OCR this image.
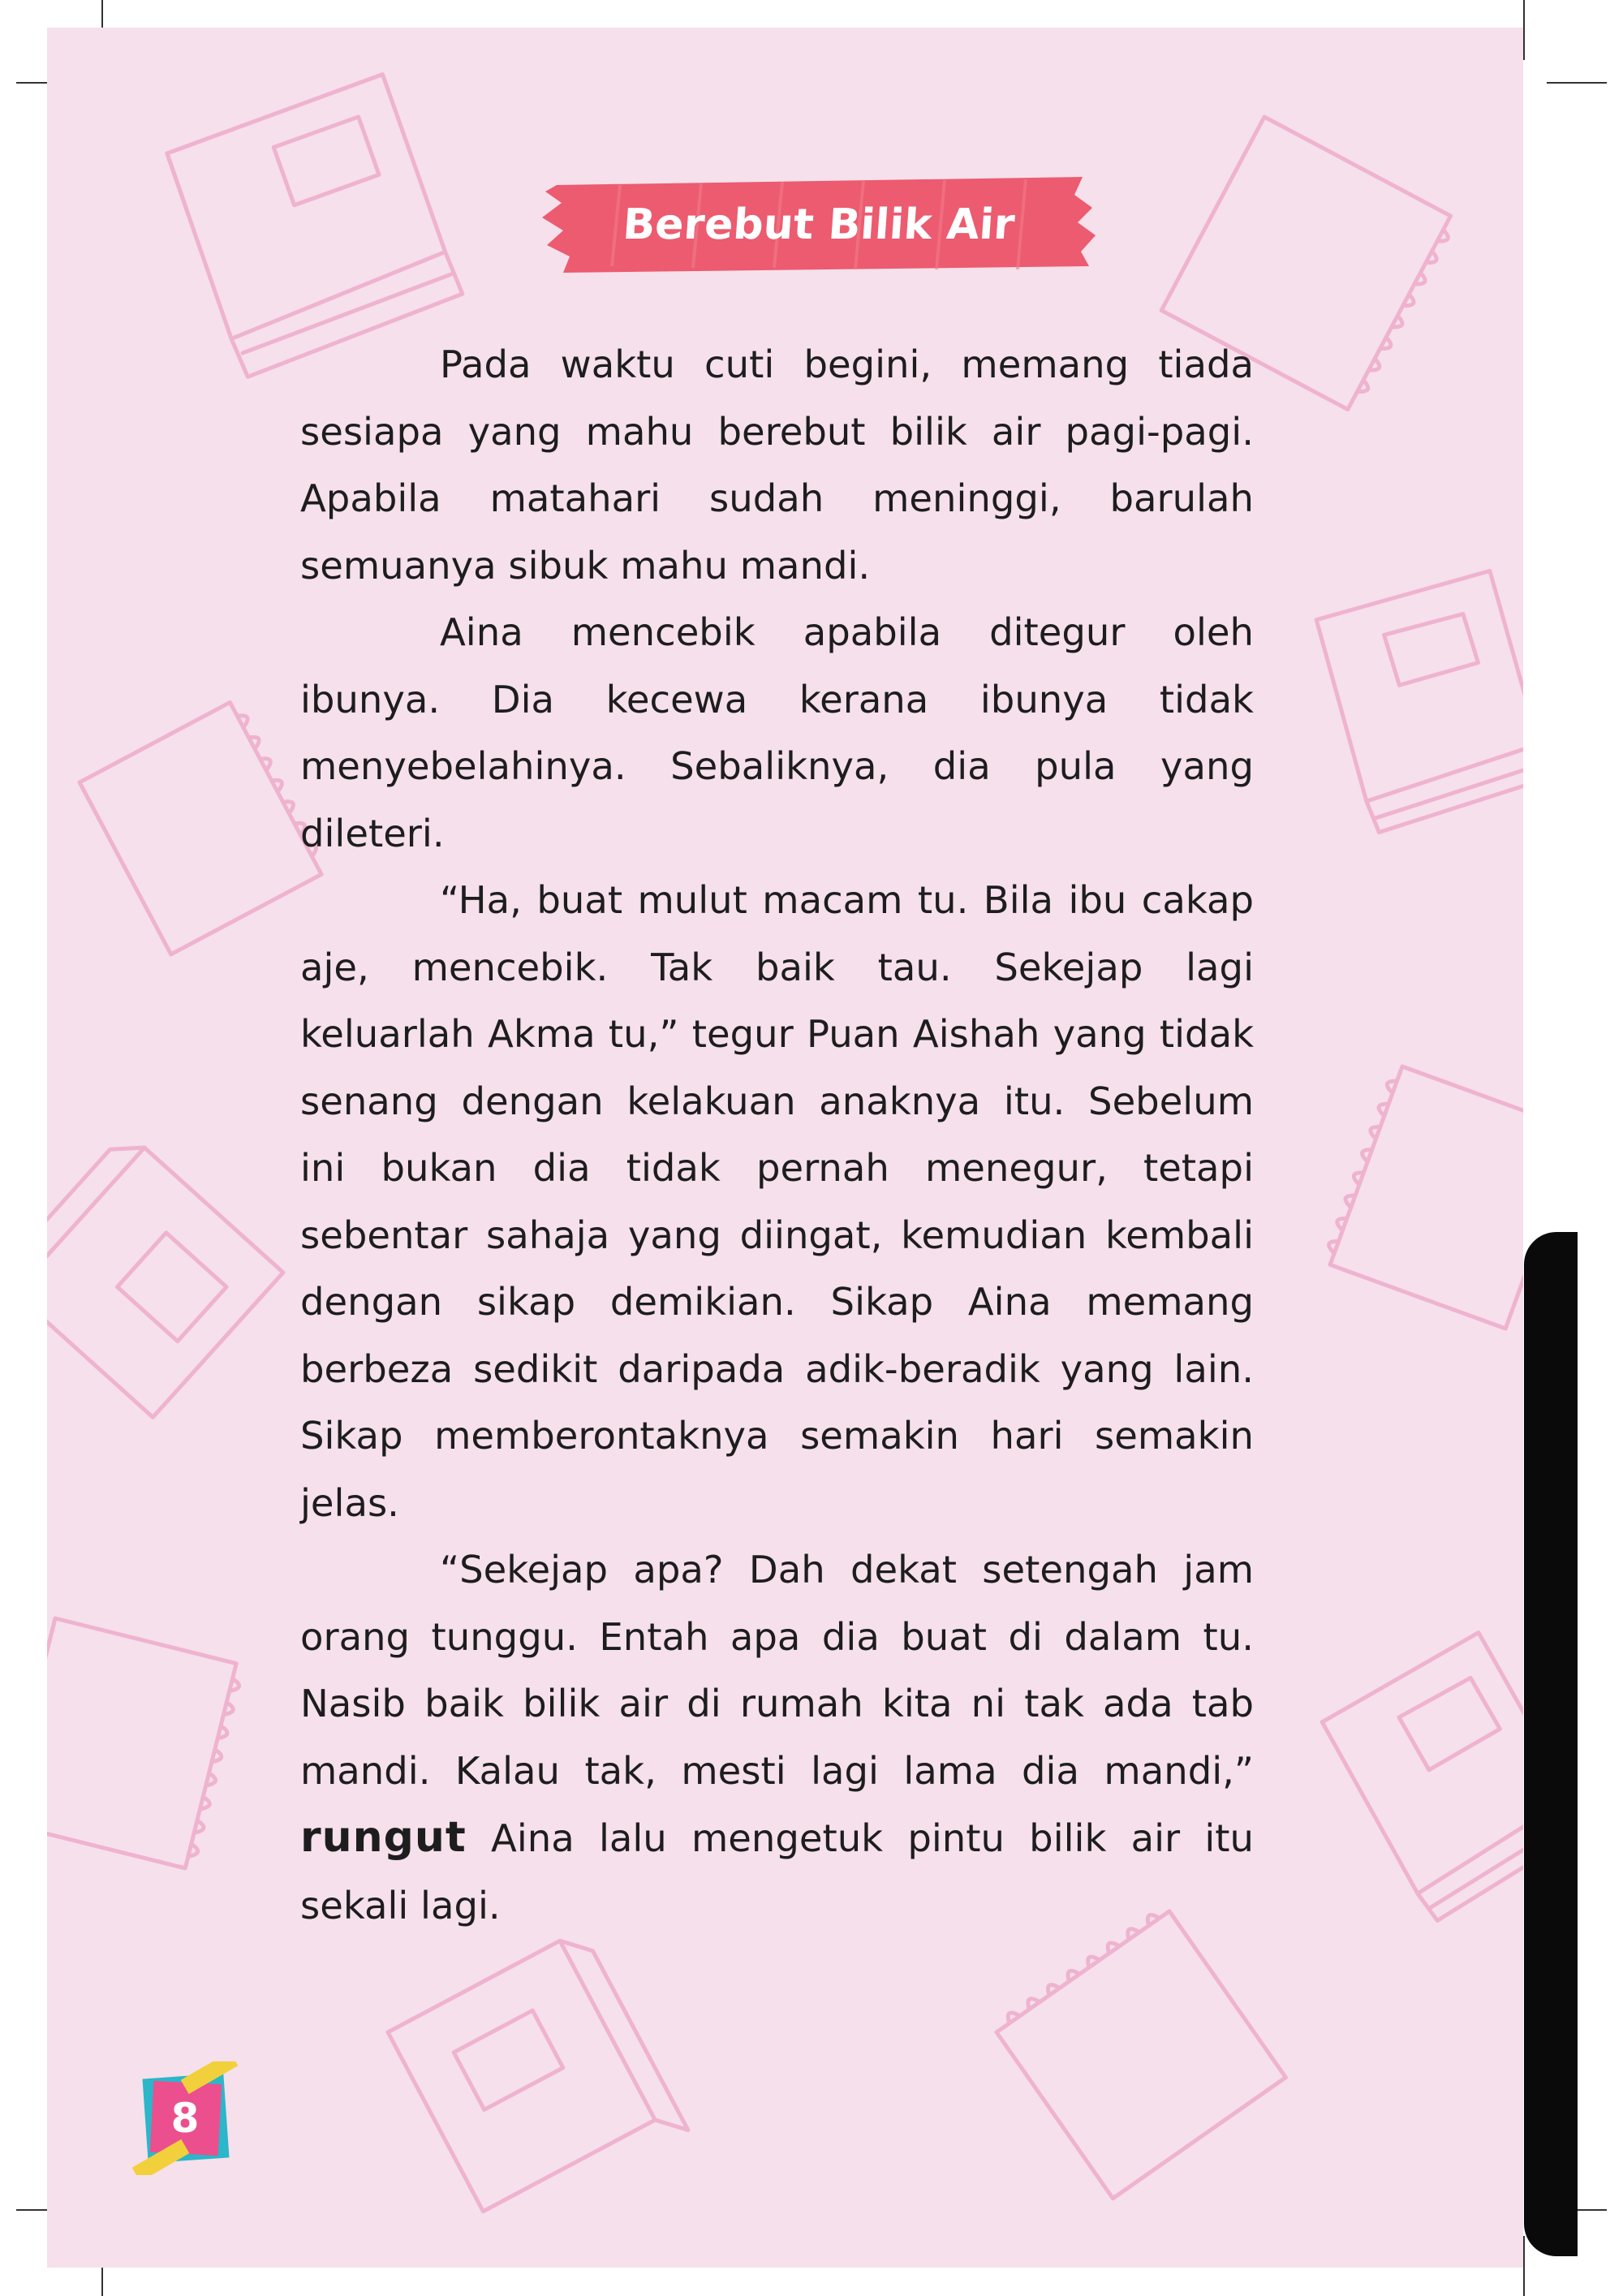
Berebut Bilik Air

Pada waktu cuti begini, memang tiada sesiapa yang mahu berebut bilik air pagi-pagi. Apabila matahari sudah meninggi, barulah semuanya sibuk mahu mandi.

Aina mencebik apabila ditegur oleh ibunya. Dia kecewa kerana ibunya tidak menyebelahinya. Sebaliknya, dia pula yang dileteri.

“Ha, buat mulut macam tu. Bila ibu cakap aje, mencebik. Tak baik tau. Sekejap lagi keluarlah Akma tu,” tegur Puan Aishah yang tidak senang dengan kelakuan anaknya itu. Sebelum ini bukan dia tidak pernah menegur, tetapi sebentar sahaja yang diingat, kemudian kembali dengan sikap demikian. Sikap Aina memang berbeza sedikit daripada adik-beradik yang lain. Sikap memberontaknya semakin hari semakin jelas.

“Sekejap apa? Dah dekat setengah jam orang tunggu. Entah apa dia buat di dalam tu. Nasib baik bilik air di rumah kita ni tak ada tab mandi. Kalau tak, mesti lagi lama dia mandi,” rungut Aina lalu mengetuk pintu bilik air itu sekali lagi.

8
